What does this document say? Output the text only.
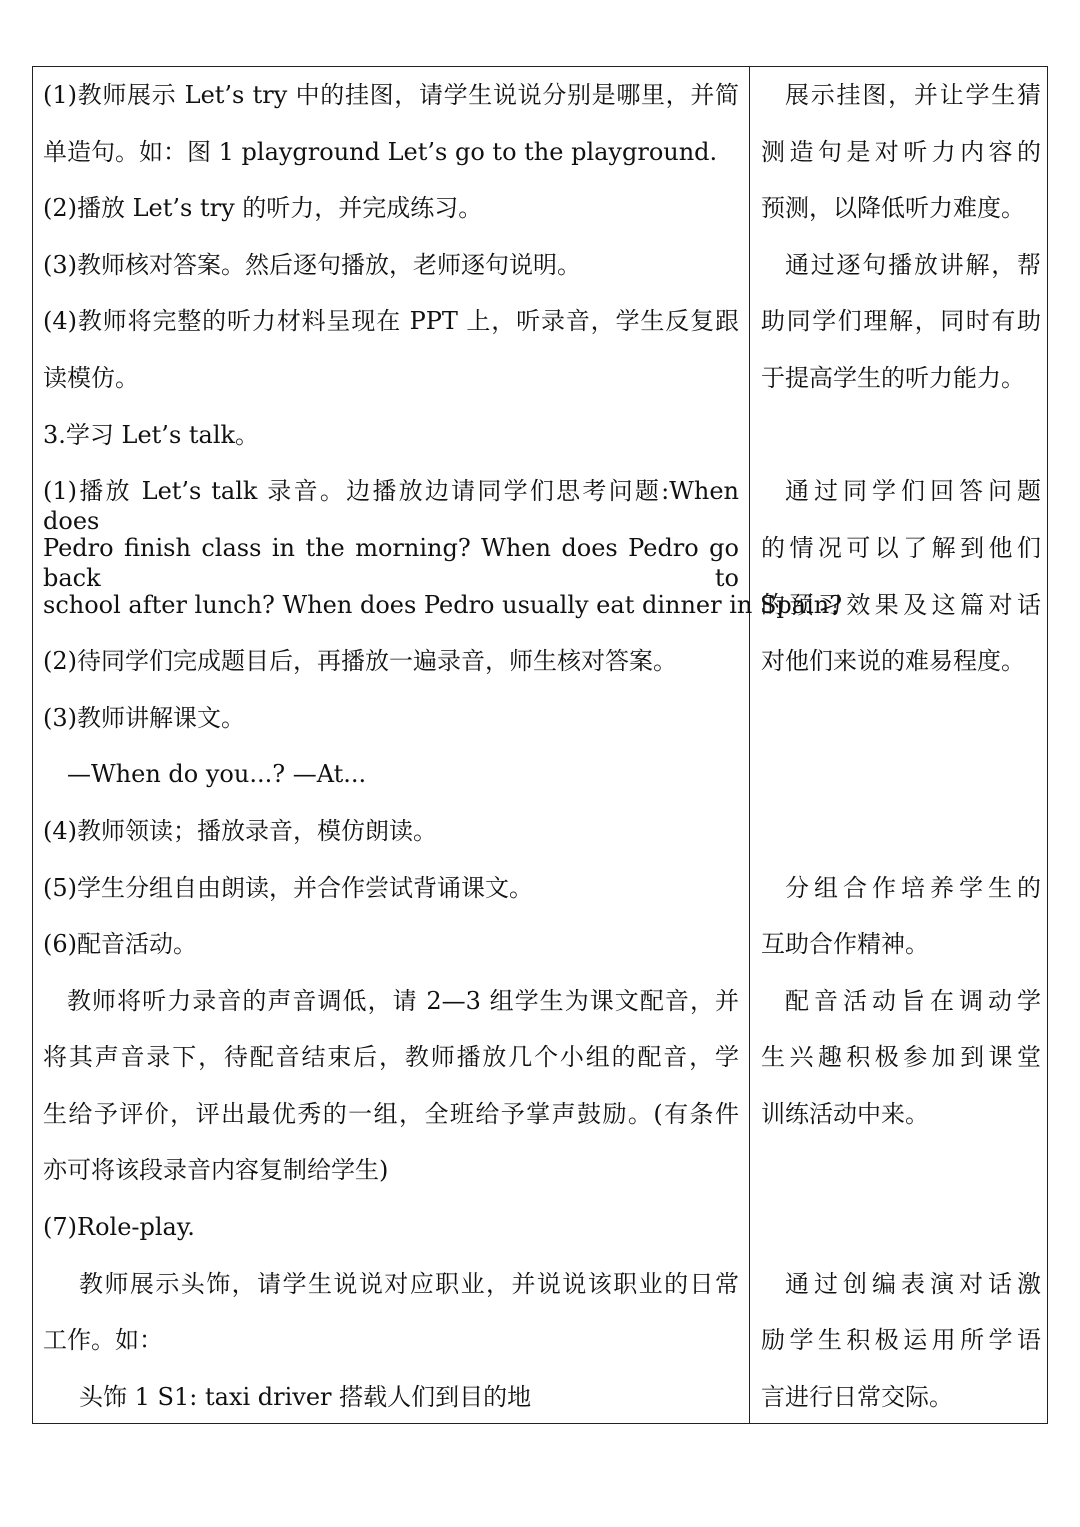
(1)教师展示 Let’s try 中的挂图，请学生说说分别是哪里，并简
单造句。如：图 1 playground Let’s go to the playground.
(2)播放 Let’s try 的听力，并完成练习。
(3)教师核对答案。然后逐句播放，老师逐句说明。
(4)教师将完整的听力材料呈现在 PPT 上，听录音，学生反复跟
读模仿。
3.学习 Let’s talk。
(1)播放 Let’s talk 录音。边播放边请同学们思考问题:When does
Pedro finish class in the morning? When does Pedro go back to
school after lunch? When does Pedro usually eat dinner in Spain?
(2)待同学们完成题目后，再播放一遍录音，师生核对答案。
(3)教师讲解课文。
—When do you...? —At...
(4)教师领读；播放录音，模仿朗读。
(5)学生分组自由朗读，并合作尝试背诵课文。
(6)配音活动。
教师将听力录音的声音调低，请 2—3 组学生为课文配音，并
将其声音录下，待配音结束后，教师播放几个小组的配音，学
生给予评价，评出最优秀的一组，全班给予掌声鼓励。(有条件
亦可将该段录音内容复制给学生)
(7)Role-play.
教师展示头饰，请学生说说对应职业，并说说该职业的日常
工作。如：
头饰 1 S1: taxi driver 搭载人们到目的地
展示挂图，并让学生猜
测造句是对听力内容的
预测，以降低听力难度。
通过逐句播放讲解，帮
助同学们理解，同时有助
于提高学生的听力能力。
通过同学们回答问题
的情况可以了解到他们
的预习效果及这篇对话
对他们来说的难易程度。
分组合作培养学生的
互助合作精神。
配音活动旨在调动学
生兴趣积极参加到课堂
训练活动中来。
通过创编表演对话激
励学生积极运用所学语
言进行日常交际。
